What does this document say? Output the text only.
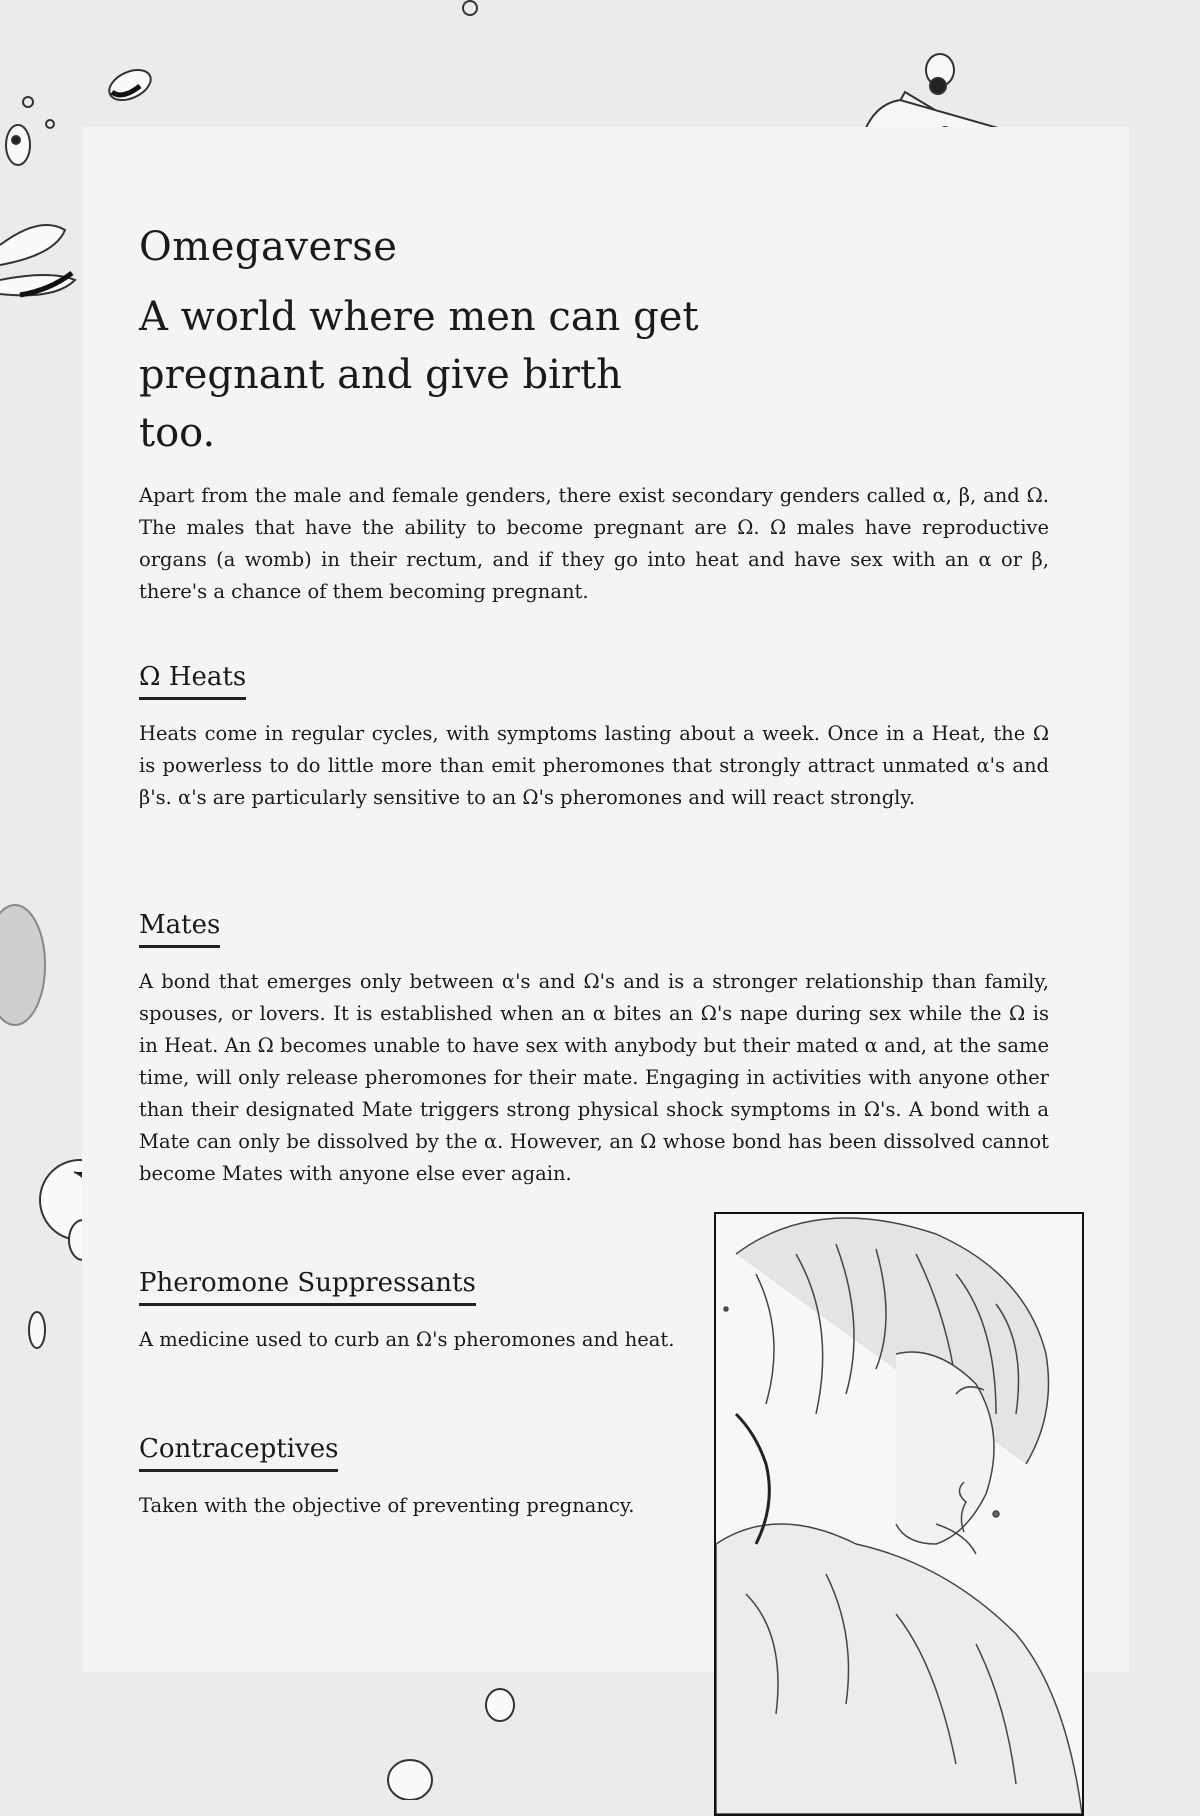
Omegaverse
A world where men can get pregnant and give birth too.

Apart from the male and female genders, there exist secondary genders called α, β, and Ω. The males that have the ability to become pregnant are Ω. Ω males have reproductive organs (a womb) in their rectum, and if they go into heat and have sex with an α or β, there's a chance of them becoming pregnant.

Ω Heats

Heats come in regular cycles, with symptoms lasting about a week. Once in a Heat, the Ω is powerless to do little more than emit pheromones that strongly attract unmated α's and β's. α's are particularly sensitive to an Ω's pheromones and will react strongly.

Mates

A bond that emerges only between α's and Ω's and is a stronger relationship than family, spouses, or lovers. It is established when an α bites an Ω's nape during sex while the Ω is in Heat. An Ω becomes unable to have sex with anybody but their mated α and, at the same time, will only release pheromones for their mate. Engaging in activities with anyone other than their designated Mate triggers strong physical shock symptoms in Ω's. A bond with a Mate can only be dissolved by the α. However, an Ω whose bond has been dissolved cannot become Mates with anyone else ever again.

Pheromone Suppressants

A medicine used to curb an Ω's pheromones and heat.

Contraceptives

Taken with the objective of preventing pregnancy.
